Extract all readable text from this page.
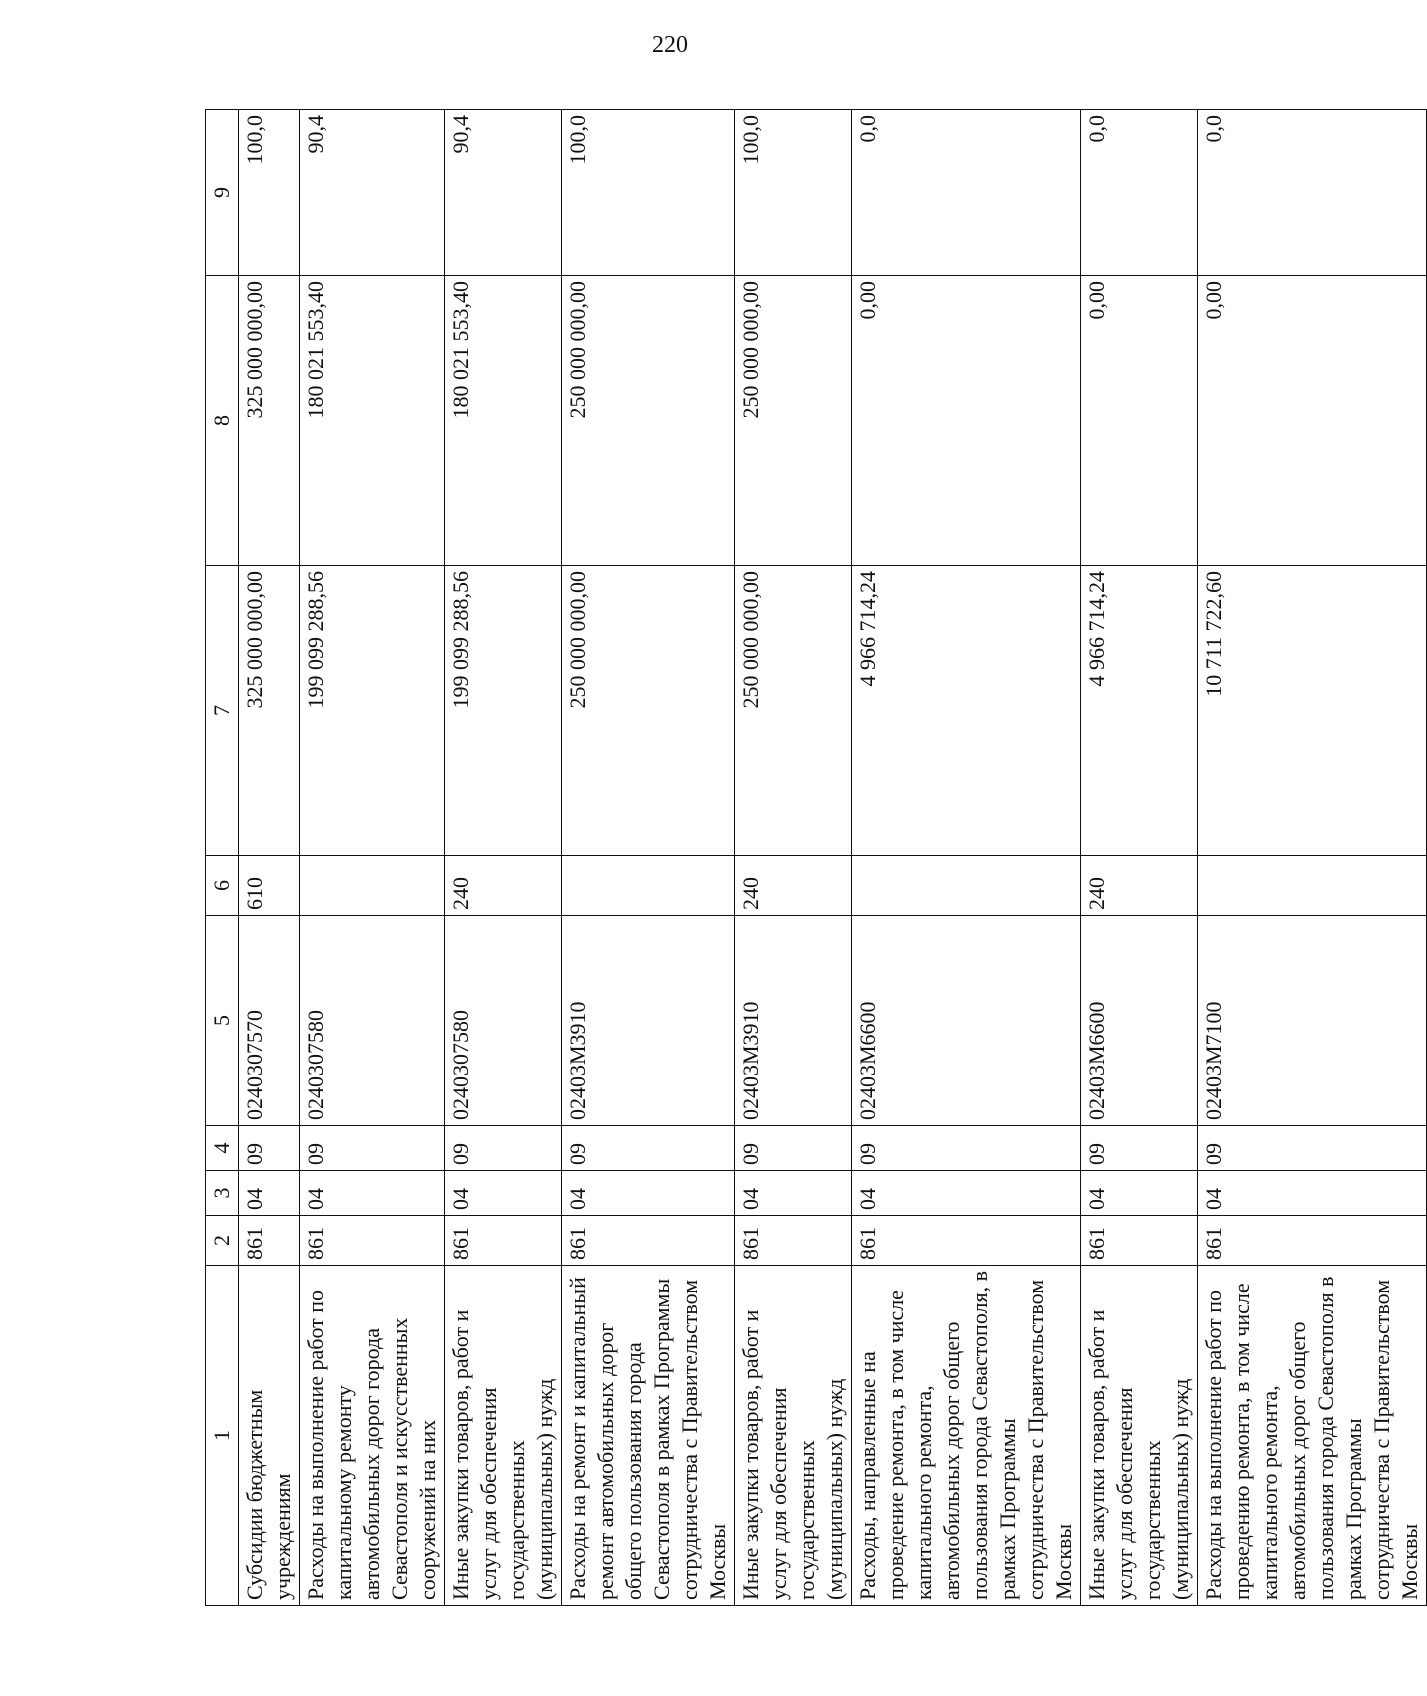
220
1	2	3	4	5	6	7	8	9
Субсидии бюджетным учреждениям	861	04	09	0240307570	610	325 000 000,00	325 000 000,00	100,0
Расходы на выполнение работ по капитальному ремонту автомобильных дорог города Севастополя и искусственных сооружений на них	861	04	09	0240307580		199 099 288,56	180 021 553,40	90,4
Иные закупки товаров, работ и услуг для обеспечения государственных (муниципальных) нужд	861	04	09	0240307580	240	199 099 288,56	180 021 553,40	90,4
Расходы на ремонт и капитальный ремонт автомобильных дорог общего пользования города Севастополя в рамках Программы сотрудничества с Правительством Москвы	861	04	09	02403M3910		250 000 000,00	250 000 000,00	100,0
Иные закупки товаров, работ и услуг для обеспечения государственных (муниципальных) нужд	861	04	09	02403M3910	240	250 000 000,00	250 000 000,00	100,0
Расходы, направленные на проведение ремонта, в том числе капитального ремонта, автомобильных дорог общего пользования города Севастополя, в рамках Программы сотрудничества с Правительством Москвы	861	04	09	02403M6600		4 966 714,24	0,00	0,0
Иные закупки товаров, работ и услуг для обеспечения государственных (муниципальных) нужд	861	04	09	02403M6600	240	4 966 714,24	0,00	0,0
Расходы на выполнение работ по проведению ремонта, в том числе капитального ремонта, автомобильных дорог общего пользования города Севастополя в рамках Программы сотрудничества с Правительством Москвы	861	04	09	02403M7100		10 711 722,60	0,00	0,0
